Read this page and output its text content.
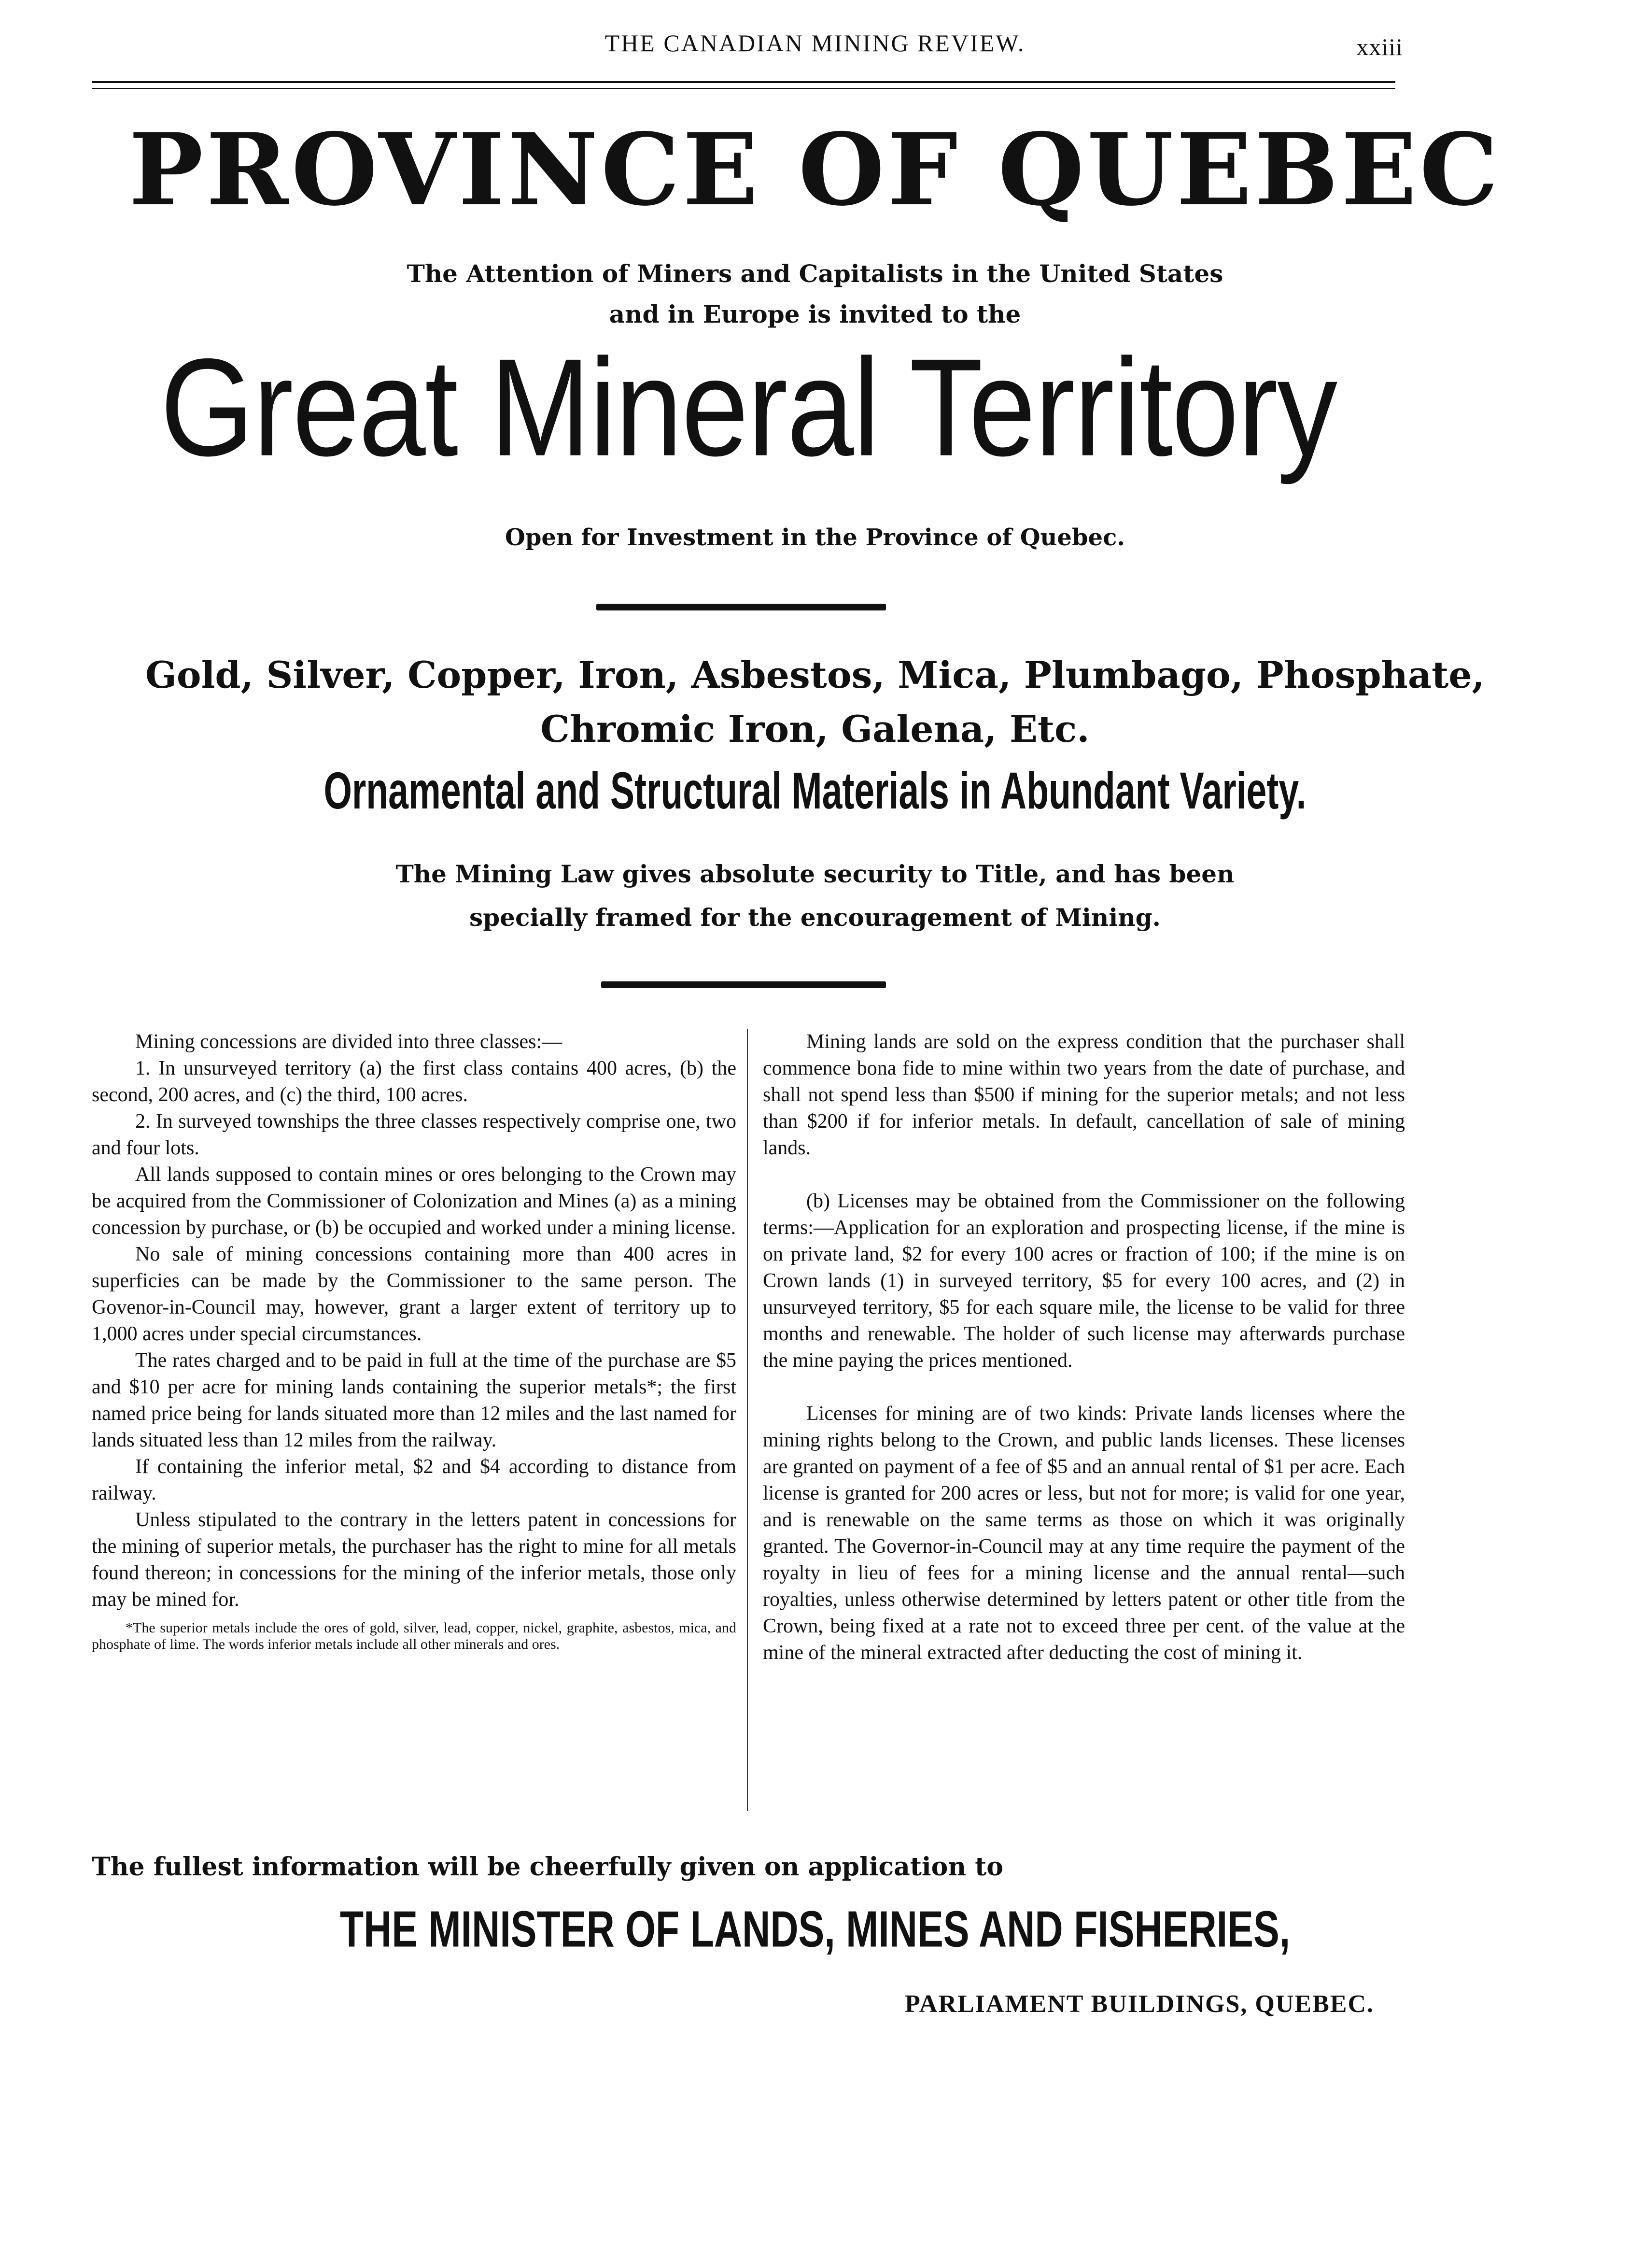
THE CANADIAN MINING REVIEW.	xxiii
PROVINCE OF QUEBEC
The Attention of Miners and Capitalists in the United States
and in Europe is invited to the
Great Mineral Territory
Open for Investment in the Province of Quebec.
Gold, Silver, Copper, Iron, Asbestos, Mica, Plumbago, Phosphate,
Chromic Iron, Galena, Etc.
Ornamental and Structural Materials in Abundant Variety.
The Mining Law gives absolute security to Title, and has been
specially framed for the encouragement of Mining.

Mining concessions are divided into three classes:—

1. In unsurveyed territory (a) the first class contains 400 acres, (b) the second, 200 acres, and (c) the third, 100 acres.

2. In surveyed townships the three classes respectively comprise one, two and four lots.

All lands supposed to contain mines or ores belonging to the Crown may be acquired from the Commissioner of Colonization and Mines (a) as a mining concession by purchase, or (b) be occupied and worked under a mining license.

No sale of mining concessions containing more than 400 acres in superficies can be made by the Commissioner to the same person. The Govenor-in-Council may, however, grant a larger extent of territory up to 1,000 acres under special circumstances.

The rates charged and to be paid in full at the time of the purchase are $5 and $10 per acre for mining lands containing the superior metals*; the first named price being for lands situated more than 12 miles and the last named for lands situated less than 12 miles from the railway.

If containing the inferior metal, $2 and $4 according to distance from railway.

Unless stipulated to the contrary in the letters patent in concessions for the mining of superior metals, the purchaser has the right to mine for all metals found thereon; in concessions for the mining of the inferior metals, those only may be mined for.

*The superior metals include the ores of gold, silver, lead, copper, nickel, graphite, asbestos, mica, and phosphate of lime. The words inferior metals include all other minerals and ores.

Mining lands are sold on the express condition that the purchaser shall commence bona fide to mine within two years from the date of purchase, and shall not spend less than $500 if mining for the superior metals; and not less than $200 if for inferior metals. In default, cancellation of sale of mining lands.

(b) Licenses may be obtained from the Commissioner on the following terms:—Application for an exploration and prospecting license, if the mine is on private land, $2 for every 100 acres or fraction of 100; if the mine is on Crown lands (1) in surveyed territory, $5 for every 100 acres, and (2) in unsurveyed territory, $5 for each square mile, the license to be valid for three months and renewable. The holder of such license may afterwards purchase the mine paying the prices mentioned.

Licenses for mining are of two kinds: Private lands licenses where the mining rights belong to the Crown, and public lands licenses. These licenses are granted on payment of a fee of $5 and an annual rental of $1 per acre. Each license is granted for 200 acres or less, but not for more; is valid for one year, and is renewable on the same terms as those on which it was originally granted. The Governor-in-Council may at any time require the payment of the royalty in lieu of fees for a mining license and the annual rental—such royalties, unless otherwise determined by letters patent or other title from the Crown, being fixed at a rate not to exceed three per cent. of the value at the mine of the mineral extracted after deducting the cost of mining it.

The fullest information will be cheerfully given on application to
THE MINISTER OF LANDS, MINES AND FISHERIES,
PARLIAMENT BUILDINGS, QUEBEC.
